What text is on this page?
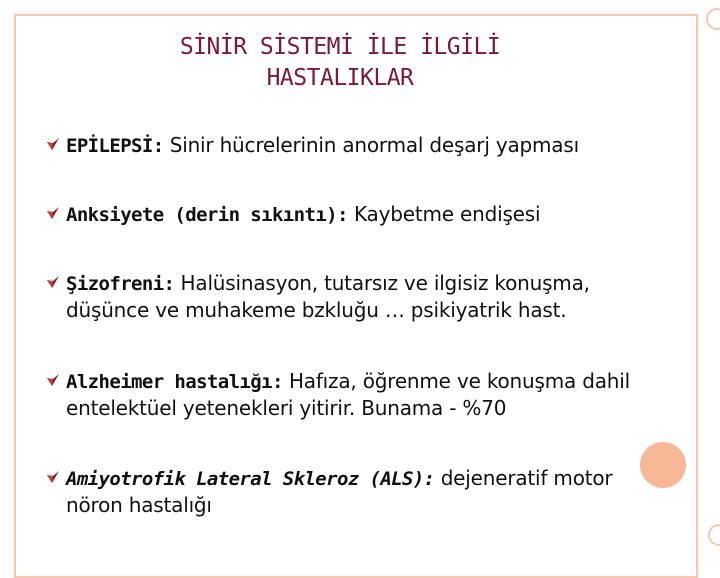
SİNİR SİSTEMİ İLE İLGİLİ
HASTALIKLAR
EPİLEPSİ: Sinir hücrelerinin anormal deşarj yapması
Anksiyete (derin sıkıntı): Kaybetme endişesi
Şizofreni: Halüsinasyon, tutarsız ve ilgisiz konuşma, düşünce ve muhakeme bzkluğu … psikiyatrik hast.
Alzheimer hastalığı: Hafıza, öğrenme ve konuşma dahil entelektüel yetenekleri yitirir. Bunama - %70
Amiyotrofik Lateral Skleroz (ALS): dejeneratif motor nöron hastalığı
